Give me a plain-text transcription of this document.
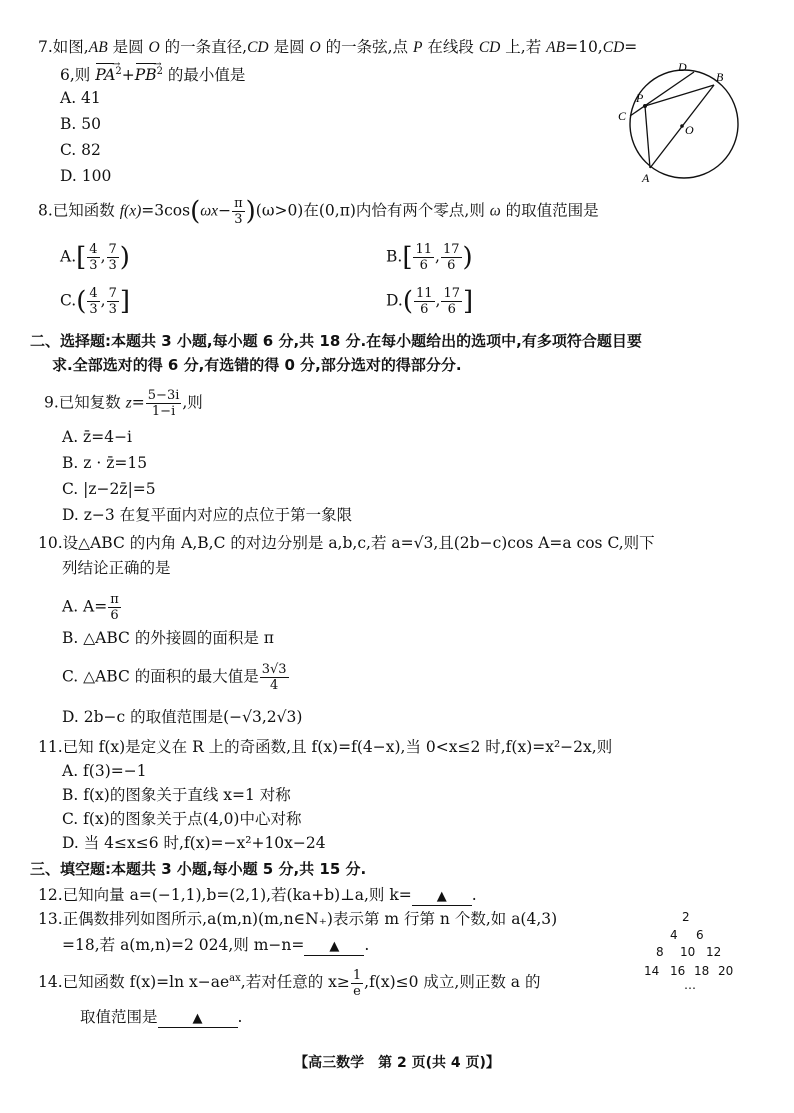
7.如图,AB 是圆 O 的一条直径,CD 是圆 O 的一条弦,点 P 在线段 CD 上,若 AB=10,CD=
6,则 PA →$^2$+PB →$^2$ 的最小值是
A. 41
B. 50
C. 82
D. 100
D
B
P
C
O
A
8.已知函数 $f(x)=3\cos(\omega x- \frac{\pi}{3} )(\omega>0)$在(0,π)内恰有两个零点,则 ω 的取值范围是
$A.[ \frac{4}{3}$ , $\frac{7}{3}$ )	$B.[ \frac{11}{6}$ , $\frac{17}{6}$ )
$C.( \frac{4}{3}$ , $\frac{7}{3}$ ]	$D.( \frac{11}{6}$ , $\frac{17}{6}$ ]
二、选择题:本题共 3 小题,每小题 6 分,共 18 分.在每小题给出的选项中,有多项符合题目要
求.全部选对的得 6 分,有选错的得 0 分,部分选对的得部分分.
9.已知复数 $z= \frac{5-3i}{1-i}$ ,则
A. z̄=4−i
B. z · z̄=15
C. |z−2z̄|=5
D. z−3 在复平面内对应的点位于第一象限
10.设△ABC 的内角 A,B,C 的对边分别是 a,b,c,若 a=√3,且(2b−c)cos A=a cos C,则下
列结论正确的是
A. $A= \frac{\pi}{6}$
B. △ABC 的外接圆的面积是 π
C. △ABC 的面积的最大值是 $\frac{3√3}{4}$
D. 2b−c 的取值范围是(−√3,2√3)
11.已知 f(x)是定义在 R 上的奇函数,且 f(x)=f(4−x),当 0<x≤2 时,f(x)=x²−2x,则
A. f(3)=−1
B. f(x)的图象关于直线 x=1 对称
C. f(x)的图象关于点(4,0)中心对称
D. 当 4≤x≤6 时,f(x)=−x²+10x−24
三、填空题:本题共 3 小题,每小题 5 分,共 15 分.
12.已知向量 a=(−1,1),b=(2,1),若(ka+b)⊥a,则 k= ▲ .
13.正偶数排列如图所示,a(m,n)(m,n∈N₊)表示第 m 行第 n 个数,如 a(4,3)
=18,若 a(m,n)=2 024,则 m−n= ▲ .
2
4 6
8 10 12
14 16 18 20
…
14.已知函数 f(x)=ln $x-ae^{ax}$,若对任意的 $x\ge \frac{1}{e} ,f(x)\le 0$ 成立,则正数 a 的
取值范围是	▲ .
【高三数学　第 2 页(共 4 页)】
